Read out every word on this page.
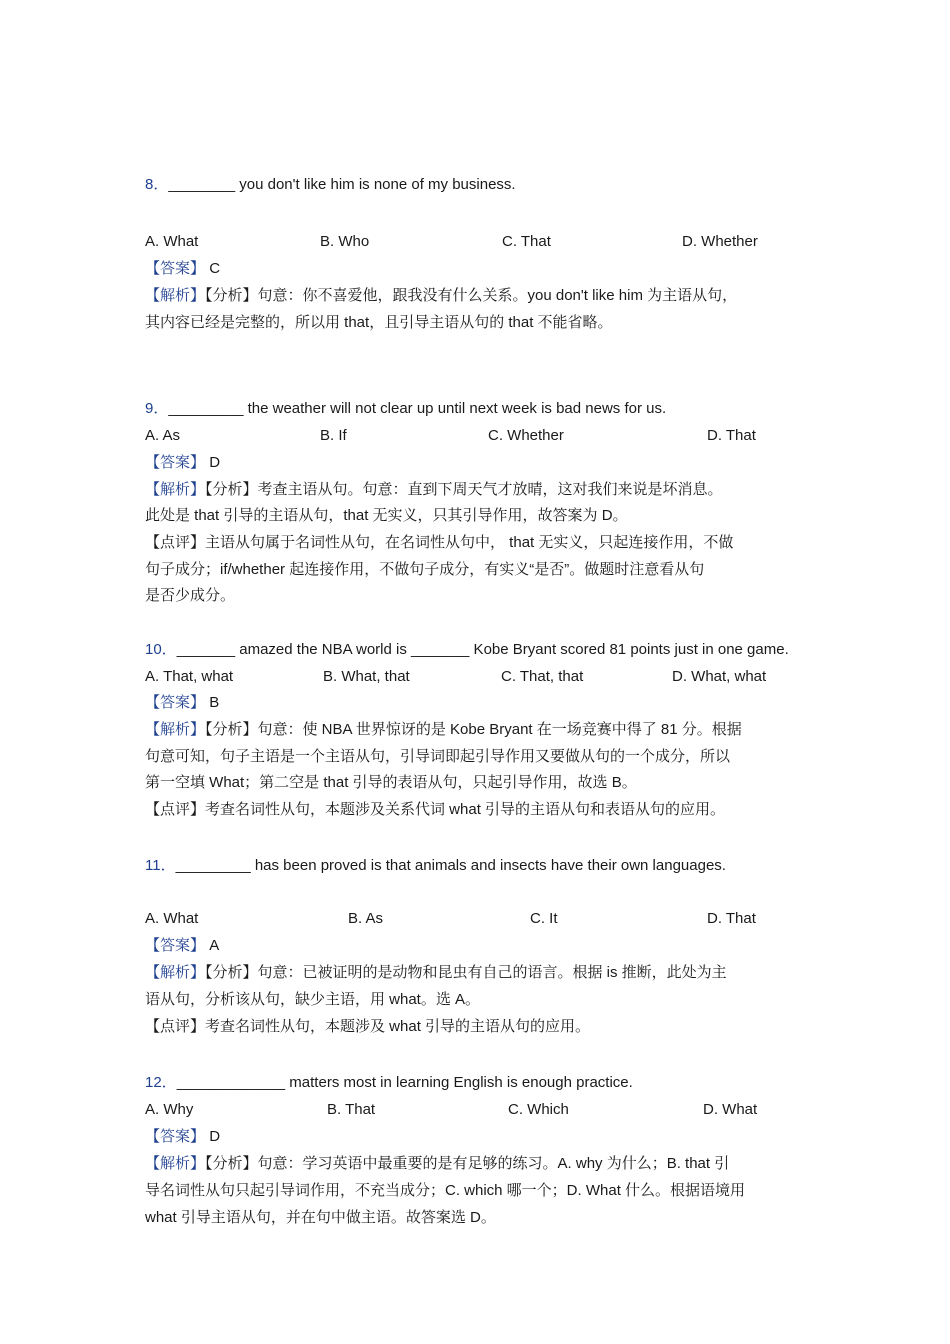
8．________ you don't like him is none of my business.
A. What	B. Who	C. That	D. Whether
【答案】 C
【解析】【分析】句意：你不喜爱他，跟我没有什么关系。you don't like him 为主语从句，
其内容已经是完整的，所以用 that，且引导主语从句的 that 不能省略。
9．_________ the weather will not clear up until next week is bad news for us.
A. As	B. If	C. Whether	D. That
【答案】 D
【解析】【分析】考查主语从句。句意：直到下周天气才放晴，这对我们来说是坏消息。
此处是 that 引导的主语从句，that 无实义，只其引导作用，故答案为 D。
【点评】主语从句属于名词性从句，在名词性从句中， that 无实义，只起连接作用，不做
句子成分；if/whether 起连接作用，不做句子成分，有实义“是否”。做题时注意看从句
是否少成分。
10．_______ amazed the NBA world is _______ Kobe Bryant scored 81 points just in one game.
A. That, what	B. What, that	C. That, that	D. What, what
【答案】 B
【解析】【分析】句意：使 NBA 世界惊讶的是 Kobe Bryant 在一场竞赛中得了 81 分。根据
句意可知，句子主语是一个主语从句，引导词即起引导作用又要做从句的一个成分，所以
第一空填 What；第二空是 that 引导的表语从句，只起引导作用，故选 B。
【点评】考查名词性从句，本题涉及关系代词 what 引导的主语从句和表语从句的应用。
11．_________ has been proved is that animals and insects have their own languages.
A. What	B. As	C. It	D. That
【答案】 A
【解析】【分析】句意：已被证明的是动物和昆虫有自己的语言。根据 is 推断，此处为主
语从句，分析该从句，缺少主语，用 what。选 A。
【点评】考查名词性从句，本题涉及 what 引导的主语从句的应用。
12．_____________ matters most in learning English is enough practice.
A. Why	B. That	C. Which	D. What
【答案】 D
【解析】【分析】句意：学习英语中最重要的是有足够的练习。A. why 为什么；B. that 引
导名词性从句只起引导词作用，不充当成分；C. which 哪一个；D. What 什么。根据语境用
what 引导主语从句，并在句中做主语。故答案选 D。
